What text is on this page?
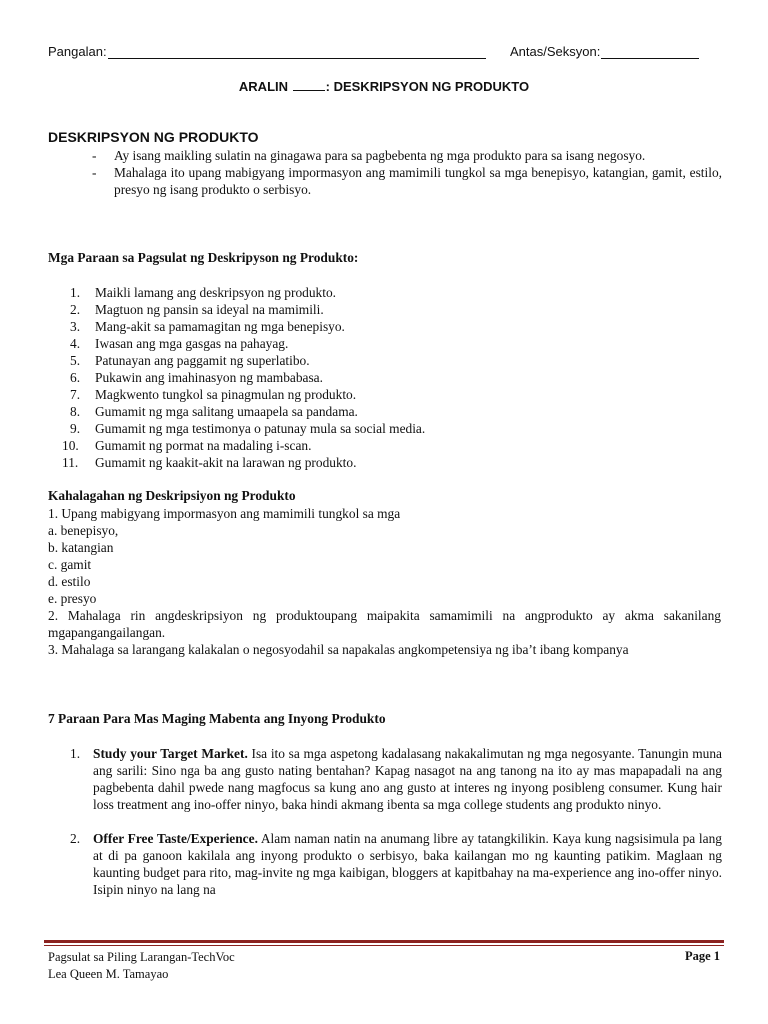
Pangalan:	Antas/Seksyon:
ARALIN	: DESKRIPSYON NG PRODUKTO
DESKRIPSYON NG PRODUKTO
- Ay isang maikling sulatin na ginagawa para sa pagbebenta ng mga produkto para sa isang negosyo.
- Mahalaga ito upang mabigyang impormasyon ang mamimili tungkol sa mga benepisyo, katangian, gamit, estilo, presyo ng isang produkto o serbisyo.
Mga Paraan sa Pagsulat ng Deskripyson ng Produkto:
1. Maikli lamang ang deskripsyon ng produkto.
2. Magtuon ng pansin sa ideyal na mamimili.
3. Mang-akit sa pamamagitan ng mga benepisyo.
4. Iwasan ang mga gasgas na pahayag.
5. Patunayan ang paggamit ng superlatibo.
6. Pukawin ang imahinasyon ng mambabasa.
7. Magkwento tungkol sa pinagmulan ng produkto.
8. Gumamit ng mga salitang umaapela sa pandama.
9. Gumamit ng mga testimonya o patunay mula sa social media.
10. Gumamit ng pormat na madaling i-scan.
11. Gumamit ng kaakit-akit na larawan ng produkto.
Kahalagahan ng Deskripsiyon ng Produkto
1. Upang mabigyang impormasyon ang mamimili tungkol sa mga
a. benepisyo,
b. katangian
c. gamit
d. estilo
e. presyo
2. Mahalaga rin angdeskripsiyon ng produktoupang maipakita samamimili na angprodukto ay akma sakanilang mgapangangailangan.
3. Mahalaga sa larangang kalakalan o negosyodahil sa napakalas angkompetensiya ng iba’t ibang kompanya
7 Paraan Para Mas Maging Mabenta ang Inyong Produkto
1. Study your Target Market. Isa ito sa mga aspetong kadalasang nakakalimutan ng mga negosyante. Tanungin muna ang sarili: Sino nga ba ang gusto nating bentahan? Kapag nasagot na ang tanong na ito ay mas mapapadali na ang pagbebenta dahil pwede nang magfocus sa kung ano ang gusto at interes ng inyong posibleng consumer. Kung hair loss treatment ang ino-offer ninyo, baka hindi akmang ibenta sa mga college students ang produkto ninyo.
2. Offer Free Taste/Experience. Alam naman natin na anumang libre ay tatangkilikin. Kaya kung nagsisimula pa lang at di pa ganoon kakilala ang inyong produkto o serbisyo, baka kailangan mo ng kaunting patikim. Maglaan ng kaunting budget para rito, mag-invite ng mga kaibigan, bloggers at kapitbahay na ma-experience ang ino-offer ninyo. Isipin ninyo na lang na
Pagsulat sa Piling Larangan-TechVoc
Lea Queen M. Tamayao
Page 1
